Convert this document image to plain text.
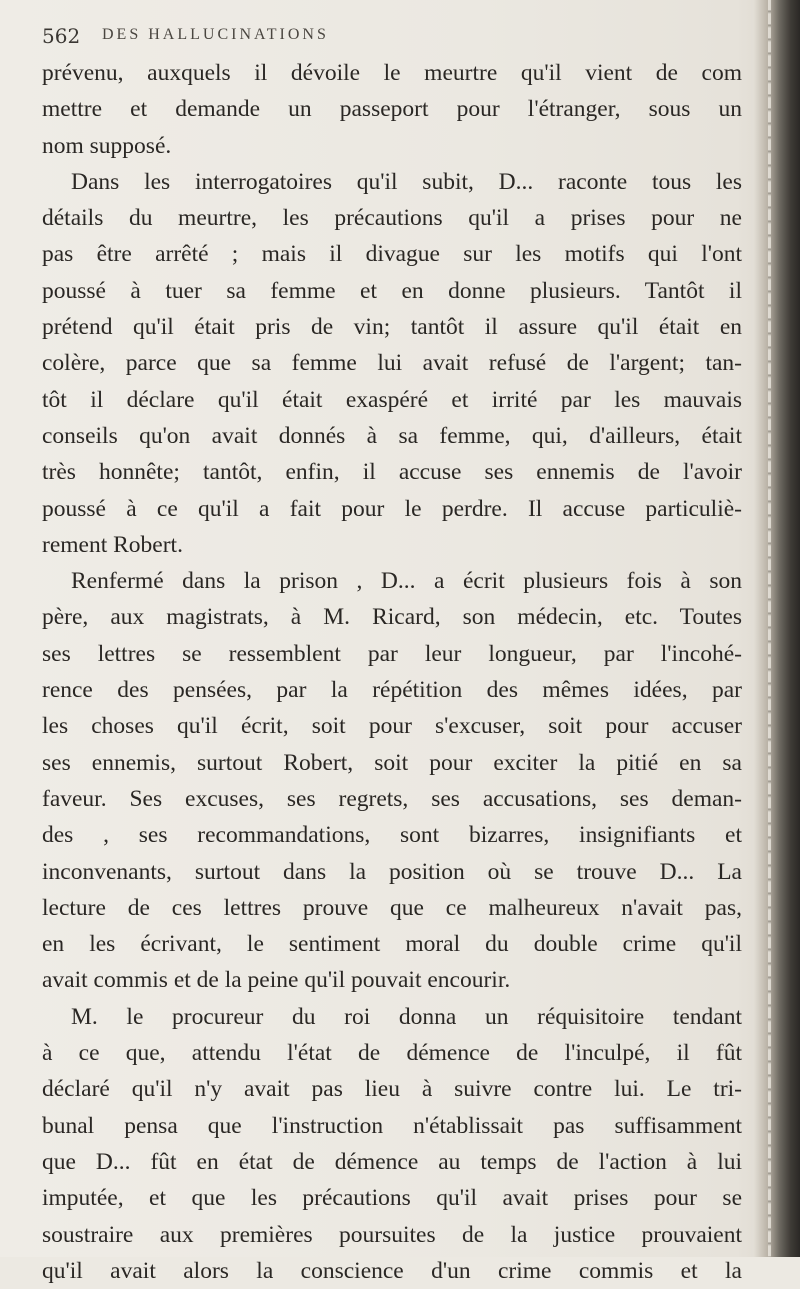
562 DES HALLUCINATIONS
prévenu, auxquels il dévoile le meurtre qu'il vient de com
mettre et demande un passeport pour l'étranger, sous un
nom supposé.
Dans les interrogatoires qu'il subit, D... raconte tous les
détails du meurtre, les précautions qu'il a prises pour ne
pas être arrêté ; mais il divague sur les motifs qui l'ont
poussé à tuer sa femme et en donne plusieurs. Tantôt il
prétend qu'il était pris de vin; tantôt il assure qu'il était en
colère, parce que sa femme lui avait refusé de l'argent; tan-
tôt il déclare qu'il était exaspéré et irrité par les mauvais
conseils qu'on avait donnés à sa femme, qui, d'ailleurs, était
très honnête; tantôt, enfin, il accuse ses ennemis de l'avoir
poussé à ce qu'il a fait pour le perdre. Il accuse particuliè-
rement Robert.
Renfermé dans la prison , D... a écrit plusieurs fois à son
père, aux magistrats, à M. Ricard, son médecin, etc. Toutes
ses lettres se ressemblent par leur longueur, par l'incohé-
rence des pensées, par la répétition des mêmes idées, par
les choses qu'il écrit, soit pour s'excuser, soit pour accuser
ses ennemis, surtout Robert, soit pour exciter la pitié en sa
faveur. Ses excuses, ses regrets, ses accusations, ses deman-
des , ses recommandations, sont bizarres, insignifiants et
inconvenants, surtout dans la position où se trouve D... La
lecture de ces lettres prouve que ce malheureux n'avait pas,
en les écrivant, le sentiment moral du double crime qu'il
avait commis et de la peine qu'il pouvait encourir.
M. le procureur du roi donna un réquisitoire tendant
à ce que, attendu l'état de démence de l'inculpé, il fût
déclaré qu'il n'y avait pas lieu à suivre contre lui. Le tri-
bunal pensa que l'instruction n'établissait pas suffisamment
que D... fût en état de démence au temps de l'action à lui
imputée, et que les précautions qu'il avait prises pour se
soustraire aux premières poursuites de la justice prouvaient
qu'il avait alors la conscience d'un crime commis et la
